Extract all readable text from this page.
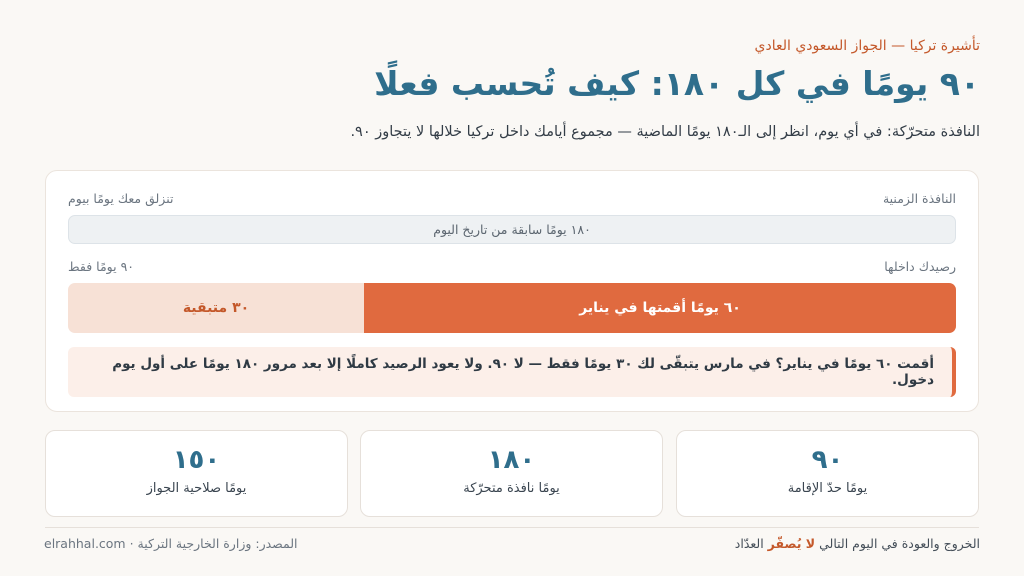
تأشيرة تركيا — الجواز السعودي العادي
٩٠ يومًا في كل ١٨٠: كيف تُحسب فعلًا
النافذة متحرّكة: في أي يوم، انظر إلى الـ١٨٠ يومًا الماضية — مجموع أيامك داخل تركيا خلالها لا يتجاوز ٩٠.
النافذة الزمنية
تنزلق معك يومًا بيوم
١٨٠ يومًا سابقة من تاريخ اليوم
رصيدك داخلها
٩٠ يومًا فقط
٦٠ يومًا أقمتها في يناير
٣٠ متبقية
أقمت ٦٠ يومًا في يناير؟ في مارس يتبقّى لك ٣٠ يومًا فقط — لا ٩٠. ولا يعود الرصيد كاملًا إلا بعد مرور ١٨٠ يومًا على أول يوم دخول.
٩٠
يومًا حدّ الإقامة
١٨٠
يومًا نافذة متحرّكة
١٥٠
يومًا صلاحية الجواز
الخروج والعودة في اليوم التالي لا يُصفّر العدّاد
المصدر: وزارة الخارجية التركية · elrahhal.com
